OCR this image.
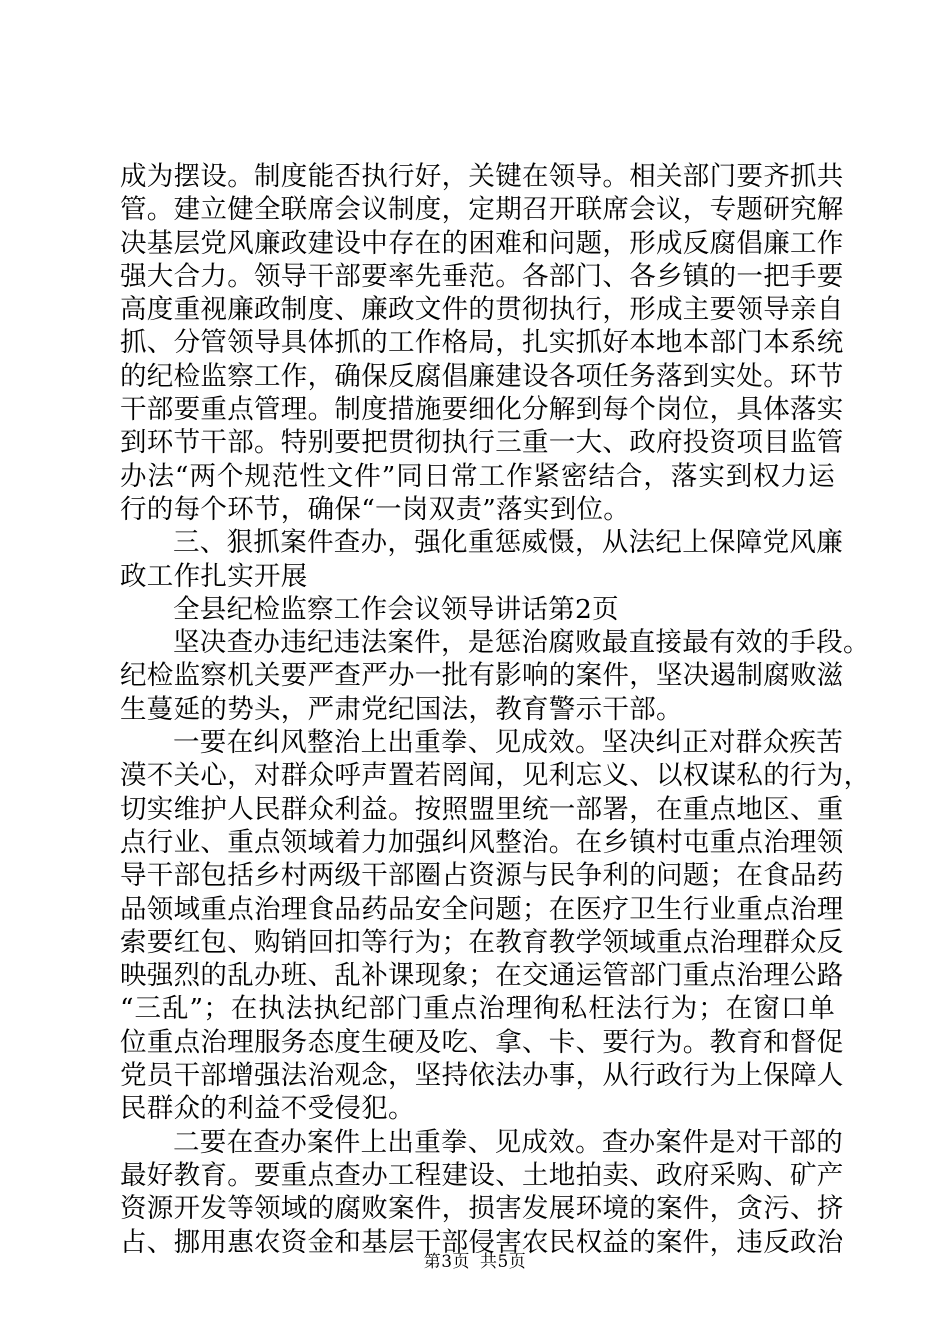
成为摆设。制度能否执行好，关键在领导。相关部门要齐抓共
管。建立健全联席会议制度，定期召开联席会议，专题研究解
决基层党风廉政建设中存在的困难和问题，形成反腐倡廉工作
强大合力。领导干部要率先垂范。各部门、各乡镇的一把手要
高度重视廉政制度、廉政文件的贯彻执行，形成主要领导亲自
抓、分管领导具体抓的工作格局，扎实抓好本地本部门本系统
的纪检监察工作，确保反腐倡廉建设各项任务落到实处。环节
干部要重点管理。制度措施要细化分解到每个岗位，具体落实
到环节干部。特别要把贯彻执行三重一大、政府投资项目监管
办法“两个规范性文件”同日常工作紧密结合，落实到权力运
行的每个环节，确保“一岗双责”落实到位。
三、狠抓案件查办，强化重惩威慑，从法纪上保障党风廉
政工作扎实开展
全县纪检监察工作会议领导讲话第2页
坚决查办违纪违法案件，是惩治腐败最直接最有效的手段。
纪检监察机关要严查严办一批有影响的案件，坚决遏制腐败滋
生蔓延的势头，严肃党纪国法，教育警示干部。
一要在纠风整治上出重拳、见成效。坚决纠正对群众疾苦
漠不关心，对群众呼声置若罔闻，见利忘义、以权谋私的行为，
切实维护人民群众利益。按照盟里统一部署，在重点地区、重
点行业、重点领域着力加强纠风整治。在乡镇村屯重点治理领
导干部包括乡村两级干部圈占资源与民争利的问题；在食品药
品领域重点治理食品药品安全问题；在医疗卫生行业重点治理
索要红包、购销回扣等行为；在教育教学领域重点治理群众反
映强烈的乱办班、乱补课现象；在交通运管部门重点治理公路
“三乱”；在执法执纪部门重点治理徇私枉法行为；在窗口单
位重点治理服务态度生硬及吃、拿、卡、要行为。教育和督促
党员干部增强法治观念，坚持依法办事，从行政行为上保障人
民群众的利益不受侵犯。
二要在查办案件上出重拳、见成效。查办案件是对干部的
最好教育。要重点查办工程建设、土地拍卖、政府采购、矿产
资源开发等领域的腐败案件，损害发展环境的案件，贪污、挤
占、挪用惠农资金和基层干部侵害农民权益的案件，违反政治
第3页 共5页
